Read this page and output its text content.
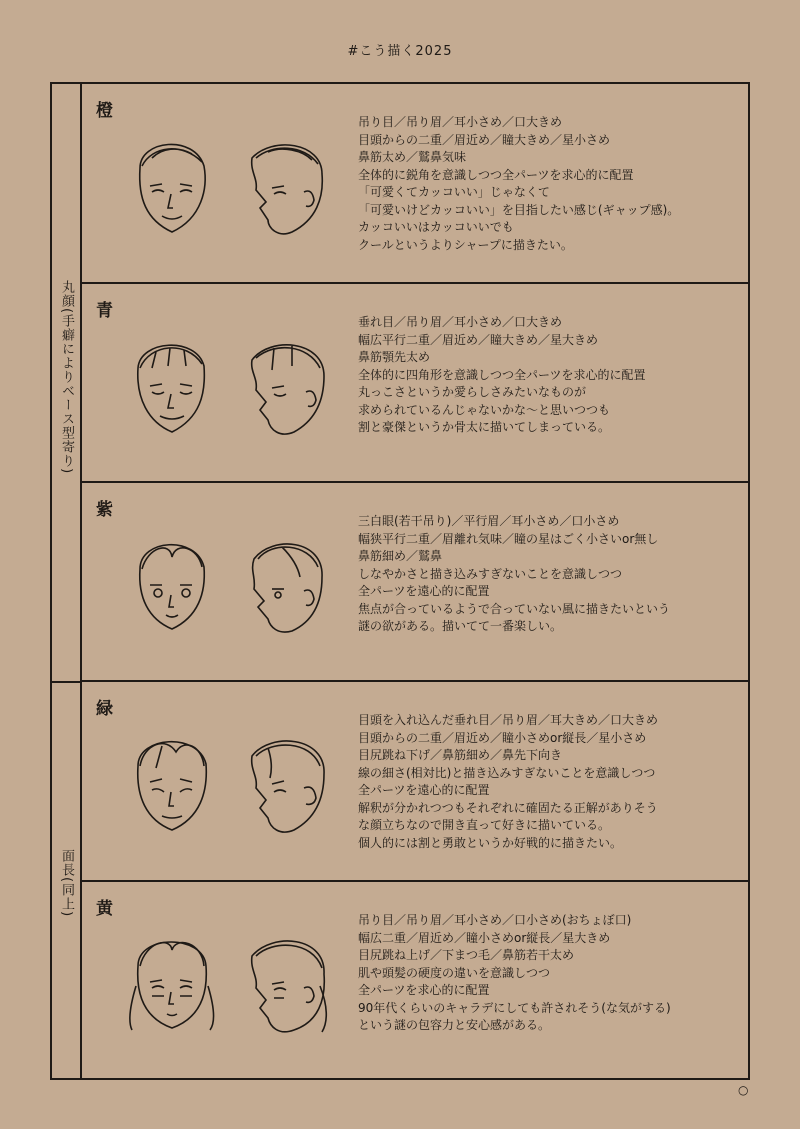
#こう描く2025
丸顔(手癖によりベース型寄り)
面長(同上)
橙
吊り目／吊り眉／耳小さめ／口大きめ
目頭からの二重／眉近め／瞳大きめ／星小さめ
鼻筋太め／鷲鼻気味
全体的に鋭角を意識しつつ全パーツを求心的に配置
「可愛くてカッコいい」じゃなくて
「可愛いけどカッコいい」を目指したい感じ(ギャップ感)。
カッコいいはカッコいいでも
クールというよりシャープに描きたい。
青
垂れ目／吊り眉／耳小さめ／口大きめ
幅広平行二重／眉近め／瞳大きめ／星大きめ
鼻筋顎先太め
全体的に四角形を意識しつつ全パーツを求心的に配置
丸っこさというか愛らしさみたいなものが
求められているんじゃないかな〜と思いつつも
割と豪傑というか骨太に描いてしまっている。
紫
三白眼(若干吊り)／平行眉／耳小さめ／口小さめ
幅狭平行二重／眉離れ気味／瞳の星はごく小さいor無し
鼻筋細め／鷲鼻
しなやかさと描き込みすぎないことを意識しつつ
全パーツを遠心的に配置
焦点が合っているようで合っていない風に描きたいという
謎の欲がある。描いてて一番楽しい。
緑
目頭を入れ込んだ垂れ目／吊り眉／耳大きめ／口大きめ
目頭からの二重／眉近め／瞳小さめor縦長／星小さめ
目尻跳ね下げ／鼻筋細め／鼻先下向き
線の細さ(相対比)と描き込みすぎないことを意識しつつ
全パーツを遠心的に配置
解釈が分かれつつもそれぞれに確固たる正解がありそう
な顔立ちなので開き直って好きに描いている。
個人的には割と勇敢というか好戦的に描きたい。
黄
吊り目／吊り眉／耳小さめ／口小さめ(おちょぼ口)
幅広二重／眉近め／瞳小さめor縦長／星大きめ
目尻跳ね上げ／下まつ毛／鼻筋若干太め
肌や頭髪の硬度の違いを意識しつつ
全パーツを求心的に配置
90年代くらいのキャラデにしても許されそう(な気がする)
という謎の包容力と安心感がある。
○
